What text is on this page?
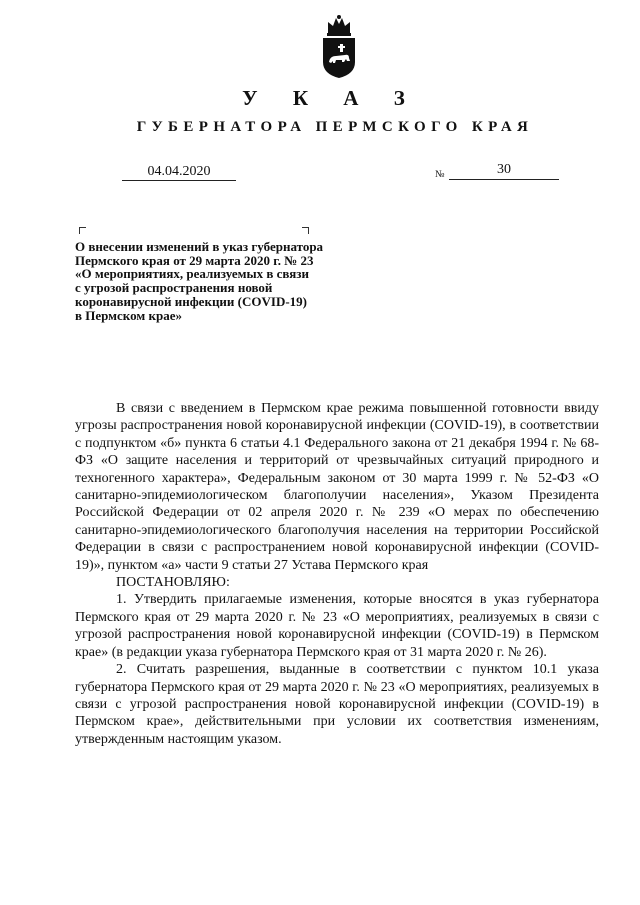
У К А З
ГУБЕРНАТОРА ПЕРМСКОГО КРАЯ
04.04.2020	№	30
О внесении изменений в указ губернатора
Пермского края от 29 марта 2020 г. № 23
«О мероприятиях, реализуемых в связи
с угрозой распространения новой
коронавирусной инфекции (COVID-19)
в Пермском крае»

В связи с введением в Пермском крае режима повышенной готовности ввиду угрозы распространения новой коронавирусной инфекции (COVID-19), в соответствии с подпунктом «б» пункта 6 статьи 4.1 Федерального закона от 21 декабря 1994 г. № 68-ФЗ «О защите населения и территорий от чрезвычайных ситуаций природного и техногенного характера», Федеральным законом от 30 марта 1999 г. № 52-ФЗ «О санитарно-эпидемиологическом благополучии населения», Указом Президента Российской Федерации от 02 апреля 2020 г. № 239 «О мерах по обеспечению санитарно-эпидемиологического благополучия населения на территории Российской Федерации в связи с распространением новой коронавирусной инфекции (COVID-19)», пунктом «а» части 9 статьи 27 Устава Пермского края

ПОСТАНОВЛЯЮ:

1. Утвердить прилагаемые изменения, которые вносятся в указ губернатора Пермского края от 29 марта 2020 г. № 23 «О мероприятиях, реализуемых в связи с угрозой распространения новой коронавирусной инфекции (COVID-19) в Пермском крае» (в редакции указа губернатора Пермского края от 31 марта 2020 г. № 26).

2. Считать разрешения, выданные в соответствии с пунктом 10.1 указа губернатора Пермского края от 29 марта 2020 г. № 23 «О мероприятиях, реализуемых в связи с угрозой распространения новой коронавирусной инфекции (COVID-19) в Пермском крае», действительными при условии их соответствия изменениям, утвержденным настоящим указом.
